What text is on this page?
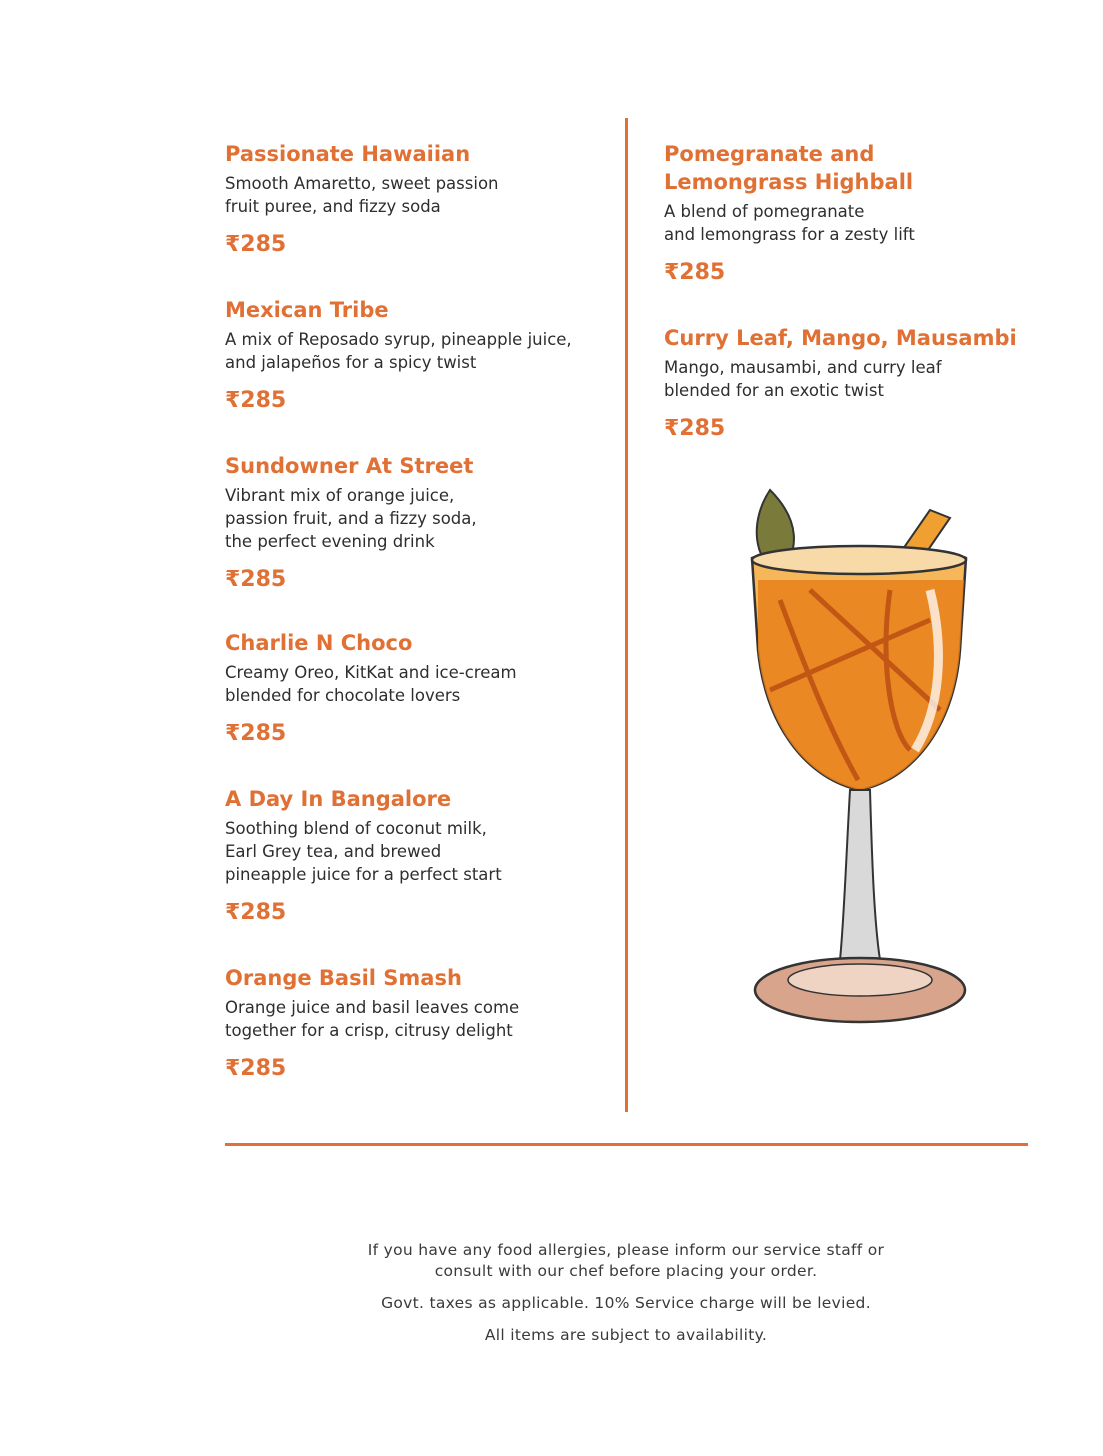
Passionate Hawaiian

Smooth Amaretto, sweet passion
fruit puree, and fizzy soda

₹285

Mexican Tribe

A mix of Reposado syrup, pineapple juice,
and jalapeños for a spicy twist

₹285

Sundowner At Street

Vibrant mix of orange juice,
passion fruit, and a fizzy soda,
the perfect evening drink

₹285

Charlie N Choco

Creamy Oreo, KitKat and ice-cream
blended for chocolate lovers

₹285

A Day In Bangalore

Soothing blend of coconut milk,
Earl Grey tea, and brewed
pineapple juice for a perfect start

₹285

Orange Basil Smash

Orange juice and basil leaves come
together for a crisp, citrusy delight

₹285

Pomegranate and
Lemongrass Highball

A blend of pomegranate
and lemongrass for a zesty lift

₹285

Curry Leaf, Mango, Mausambi

Mango, mausambi, and curry leaf
blended for an exotic twist

₹285

If you have any food allergies, please inform our service staff or
consult with our chef before placing your order.

Govt. taxes as applicable. 10% Service charge will be levied.

All items are subject to availability.
